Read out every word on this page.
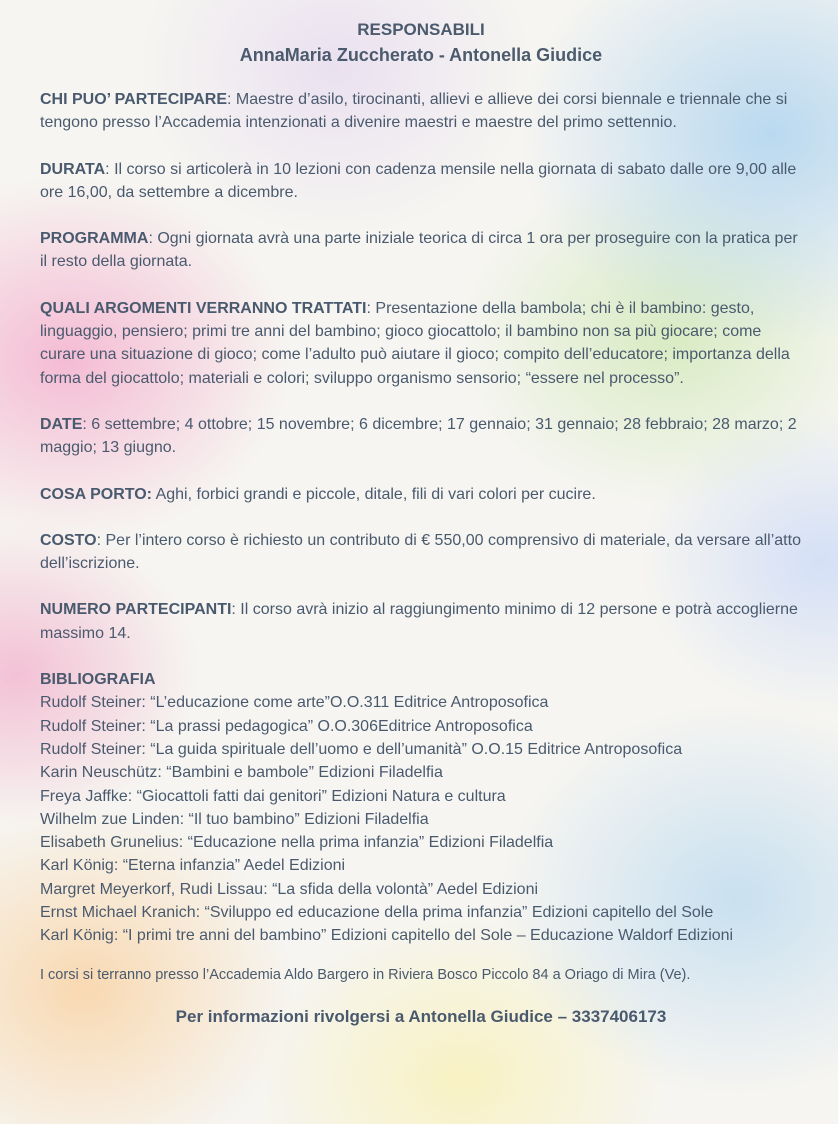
RESPONSABILI
AnnaMaria Zuccherato - Antonella Giudice

CHI PUO’ PARTECIPARE: Maestre d’asilo, tirocinanti, allievi e allieve dei corsi biennale e triennale che si tengono presso l’Accademia intenzionati a divenire maestri e maestre del primo settennio.

DURATA: Il corso si articolerà in 10 lezioni con cadenza mensile nella giornata di sabato dalle ore 9,00 alle ore 16,00, da settembre a dicembre.

PROGRAMMA: Ogni giornata avrà una parte iniziale teorica di circa 1 ora per proseguire con la pratica per il resto della giornata.

QUALI ARGOMENTI VERRANNO TRATTATI: Presentazione della bambola; chi è il bambino: gesto, linguaggio, pensiero; primi tre anni del bambino; gioco giocattolo; il bambino non sa più giocare; come curare una situazione di gioco; come l’adulto può aiutare il gioco; compito dell’educatore; importanza della forma del giocattolo; materiali e colori; sviluppo organismo sensorio; “essere nel processo”.

DATE: 6 settembre; 4 ottobre; 15 novembre; 6 dicembre; 17 gennaio; 31 gennaio; 28 febbraio; 28 marzo; 2 maggio; 13 giugno.

COSA PORTO: Aghi, forbici grandi e piccole, ditale, fili di vari colori per cucire.

COSTO: Per l’intero corso è richiesto un contributo di € 550,00 comprensivo di materiale, da versare all’atto dell’iscrizione.

NUMERO PARTECIPANTI: Il corso avrà inizio al raggiungimento minimo di 12 persone e potrà accoglierne massimo 14.

BIBLIOGRAFIA

Rudolf Steiner: “L’educazione come arte”O.O.311 Editrice Antroposofica
Rudolf Steiner: “La prassi pedagogica” O.O.306Editrice Antroposofica
Rudolf Steiner: “La guida spirituale dell’uomo e dell’umanità” O.O.15 Editrice Antroposofica
Karin Neuschütz: “Bambini e bambole” Edizioni Filadelfia
Freya Jaffke: “Giocattoli fatti dai genitori” Edizioni Natura e cultura
Wilhelm zue Linden: “Il tuo bambino” Edizioni Filadelfia
Elisabeth Grunelius: “Educazione nella prima infanzia” Edizioni Filadelfia
Karl König: “Eterna infanzia” Aedel Edizioni
Margret Meyerkorf, Rudi Lissau: “La sfida della volontà” Aedel Edizioni
Ernst Michael Kranich: “Sviluppo ed educazione della prima infanzia” Edizioni capitello del Sole
Karl König: “I primi tre anni del bambino” Edizioni capitello del Sole – Educazione Waldorf Edizioni

I corsi si terranno presso l’Accademia Aldo Bargero in Riviera Bosco Piccolo 84 a Oriago di Mira (Ve).

Per informazioni rivolgersi a Antonella Giudice – 3337406173
